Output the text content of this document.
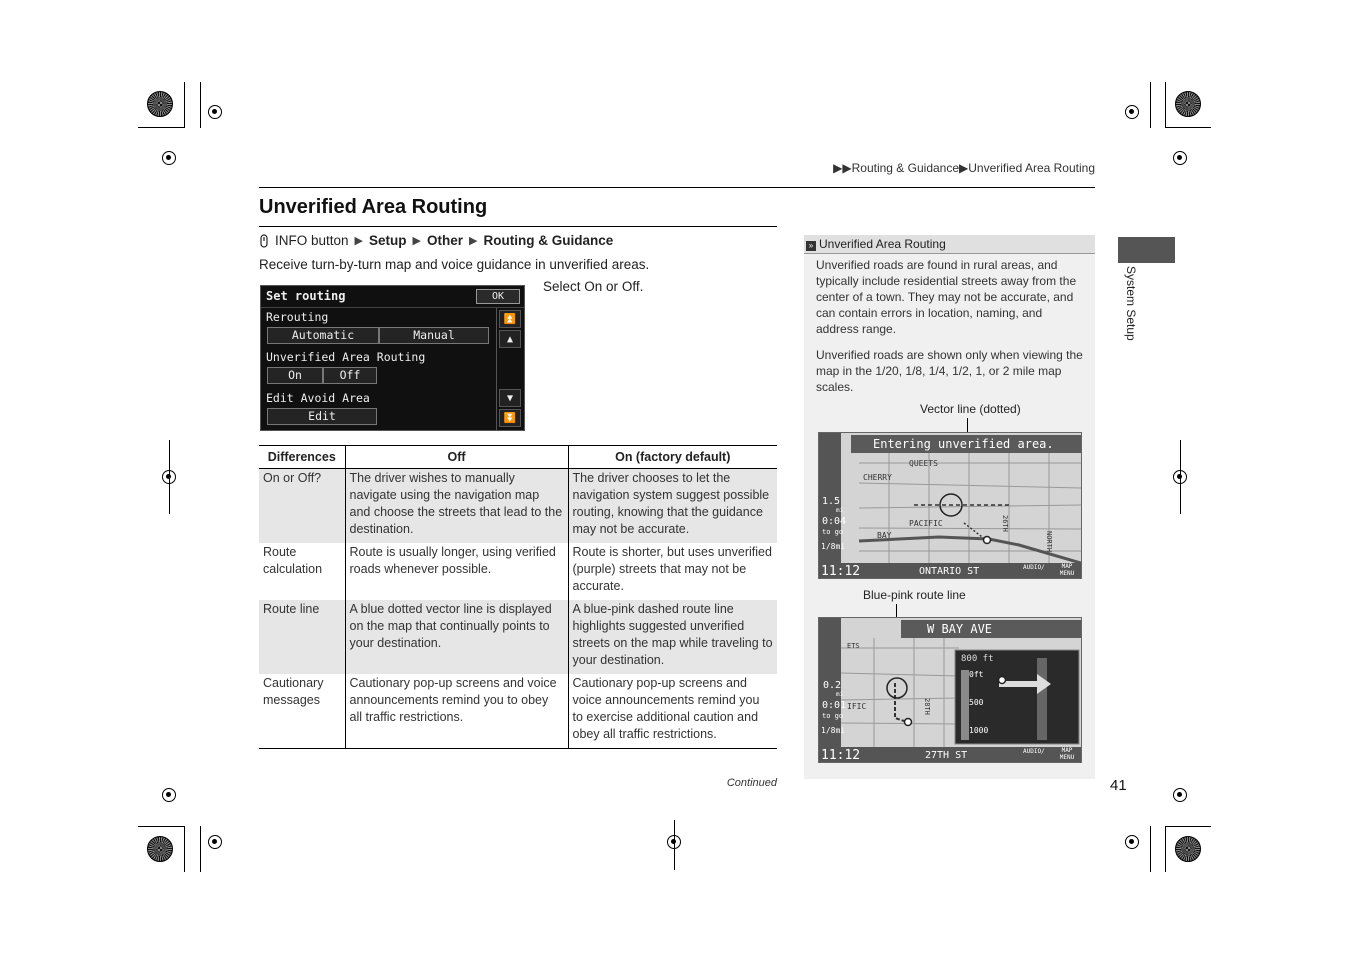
▶▶Routing & Guidance▶Unverified Area Routing
Unverified Area Routing
INFO button ▶ Setup ▶ Other ▶ Routing & Guidance
Receive turn-by-turn map and voice guidance in unverified areas.
Set routing	OK
Rerouting
Automatic	Manual
Unverified Area Routing
On	Off
Edit Avoid Area
Edit
⏫
▲
▼
⏬
Select On or Off.
Differences	Off	On (factory default)
On or Off?	The driver wishes to manually navigate using the navigation map and choose the streets that lead to the destination.	The driver chooses to let the navigation system suggest possible routing, knowing that the guidance may not be accurate.
Route calculation	Route is usually longer, using verified roads whenever possible.	Route is shorter, but uses unverified (purple) streets that may not be accurate.
Route line	A blue dotted vector line is displayed on the map that continually points to your destination.	A blue-pink dashed route line highlights suggested unverified streets on the map while traveling to your destination.
Cautionary messages	Cautionary pop-up screens and voice announcements remind you to obey all traffic restrictions.	Cautionary pop-up screens and voice announcements remind you to exercise additional caution and obey all traffic restrictions.
Continued
» Unverified Area Routing

Unverified roads are found in rural areas, and typically include residential streets away from the center of a town. They may not be accurate, and can contain errors in location, naming, and address range.

Unverified roads are shown only when viewing the map in the 1/20, 1/8, 1/4, 1/2, 1, or 2 mile map scales.

Vector line (dotted)
Entering unverified area.
QUEETS
CHERRY
PACIFIC
BAY
26TH
NORTH
1.5
mi
0:04
to go
1/8mi
11:12	ONTARIO ST	AUDIO/	MAP MENU
Blue-pink route line
W BAY AVE
ETS
IFIC	28TH
800 ft
0ft
500
1000
0.2
mi
0:01
to go
1/8mi
11:12	27TH ST	AUDIO/	MAP MENU
System Setup
41
